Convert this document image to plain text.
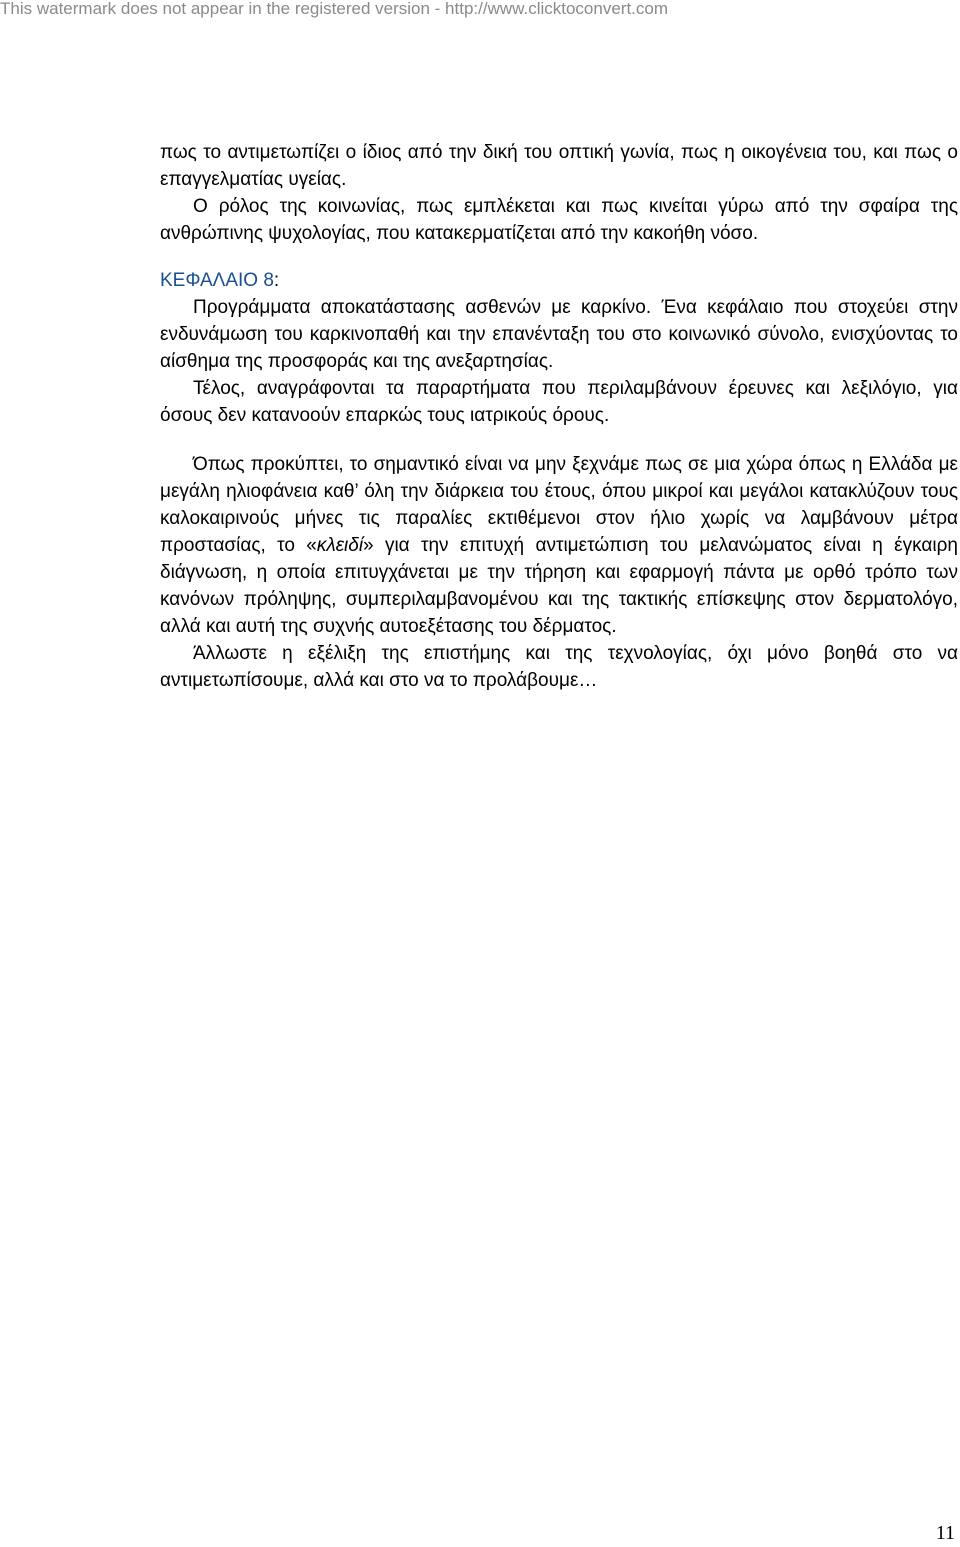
This watermark does not appear in the registered version - http://www.clicktoconvert.com

πως το αντιμετωπίζει ο ίδιος από την δική του οπτική γωνία, πως η οικογένεια του, και πως ο επαγγελματίας υγείας.

Ο ρόλος της κοινωνίας, πως εμπλέκεται και πως κινείται γύρω από την σφαίρα της ανθρώπινης ψυχολογίας, που κατακερματίζεται από την κακοήθη νόσο.

ΚΕΦΑΛΑΙΟ 8:

Προγράμματα αποκατάστασης ασθενών με καρκίνο. Ένα κεφάλαιο που στοχεύει στην ενδυνάμωση του καρκινοπαθή και την επανένταξη του στο κοινωνικό σύνολο, ενισχύοντας το αίσθημα της προσφοράς και της ανεξαρτησίας.

Τέλος, αναγράφονται τα παραρτήματα που περιλαμβάνουν έρευνες και λεξιλόγιο, για όσους δεν κατανοούν επαρκώς τους ιατρικούς όρους.

Όπως προκύπτει, το σημαντικό είναι να μην ξεχνάμε πως σε μια χώρα όπως η Ελλάδα με μεγάλη ηλιοφάνεια καθ’ όλη την διάρκεια του έτους, όπου μικροί και μεγάλοι κατακλύζουν τους καλοκαιρινούς μήνες τις παραλίες εκτιθέμενοι στον ήλιο χωρίς να λαμβάνουν μέτρα προστασίας, το «κλειδί» για την επιτυχή αντιμετώπιση του μελανώματος είναι η έγκαιρη διάγνωση, η οποία επιτυγχάνεται με την τήρηση και εφαρμογή πάντα με ορθό τρόπο των κανόνων πρόληψης, συμπεριλαμβανομένου και της τακτικής επίσκεψης στον δερματολόγο, αλλά και αυτή της συχνής αυτοεξέτασης του δέρματος.

Άλλωστε η εξέλιξη της επιστήμης και της τεχνολογίας, όχι μόνο βοηθά στο να αντιμετωπίσουμε, αλλά και στο να το προλάβουμε…

11
